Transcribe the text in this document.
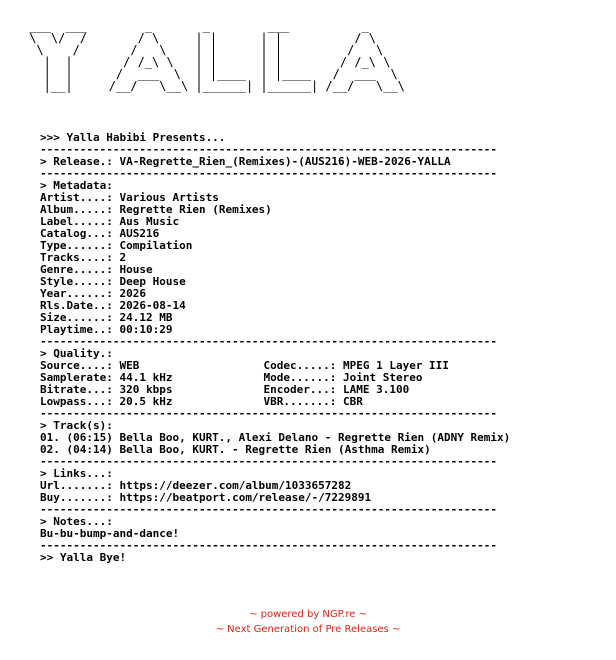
___  ___        _       _        ___          _
\  \/  /       / \     | |      | |          / \
\    /       /   \    | |      | |         /   \
|  |       / /_\ \   | |      | |        / /_\ \
|  |      /  ___  \  | |____  | |____   /  ___  \
|__|     /__/   \__\ |______| |______| /__/   \__\
>>> Yalla Habibi Presents...
---------------------------------------------------------------------
> Release.: VA-Regrette_Rien_(Remixes)-(AUS216)-WEB-2026-YALLA
---------------------------------------------------------------------
> Metadata:
Artist....: Various Artists
Album.....: Regrette Rien (Remixes)
Label.....: Aus Music
Catalog...: AUS216
Type......: Compilation
Tracks....: 2
Genre.....: House
Style.....: Deep House
Year......: 2026
Rls.Date..: 2026-08-14
Size......: 24.12 MB
Playtime..: 00:10:29
---------------------------------------------------------------------
> Quality.:
Source....: WEB	Codec.....: MPEG 1 Layer III
Samplerate: 44.1 kHz	Mode......: Joint Stereo
Bitrate...: 320 kbps	Encoder...: LAME 3.100
Lowpass...: 20.5 kHz	VBR.......: CBR
---------------------------------------------------------------------
> Track(s):
01. (06:15) Bella Boo, KURT., Alexi Delano - Regrette Rien (ADNY Remix)
02. (04:14) Bella Boo, KURT. - Regrette Rien (Asthma Remix)
---------------------------------------------------------------------
> Links...:
Url.......: https://deezer.com/album/1033657282
Buy.......: https://beatport.com/release/-/7229891
---------------------------------------------------------------------
> Notes...:
Bu-bu-bump-and-dance!
---------------------------------------------------------------------
>> Yalla Bye!
~ powered by NGP.re ~
~ Next Generation of Pre Releases ~
